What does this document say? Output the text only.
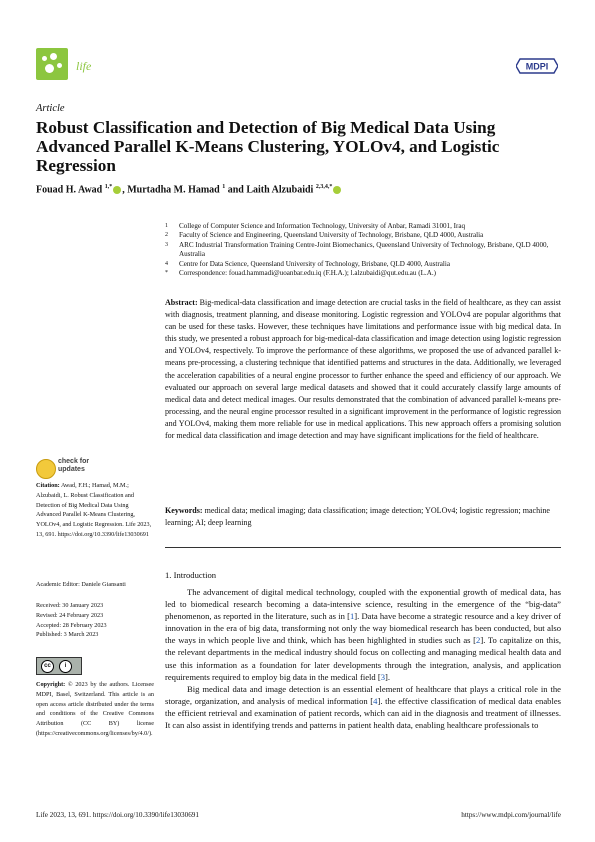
life	MDPI
Article
Robust Classification and Detection of Big Medical Data Using Advanced Parallel K-Means Clustering, YOLOv4, and Logistic Regression
Fouad H. Awad $^{1,*}$ , Murtadha M. Hamad $^1$ and Laith Alzubaidi $^{2,3,4,*}$
1	College of Computer Science and Information Technology, University of Anbar, Ramadi 31001, Iraq
2	Faculty of Science and Engineering, Queensland University of Technology, Brisbane, QLD 4000, Australia
3	ARC Industrial Transformation Training Centre-Joint Biomechanics, Queensland University of Technology, Brisbane, QLD 4000, Australia
4	Centre for Data Science, Queensland University of Technology, Brisbane, QLD 4000, Australia
*	Correspondence: fouad.hammadi@uoanbar.edu.iq (F.H.A.); l.alzubaidi@qut.edu.au (L.A.)
Abstract: Big-medical-data classification and image detection are crucial tasks in the field of healthcare, as they can assist with diagnosis, treatment planning, and disease monitoring. Logistic regression and YOLOv4 are popular algorithms that can be used for these tasks. However, these techniques have limitations and performance issue with big medical data. In this study, we presented a robust approach for big-medical-data classification and image detection using logistic regression and YOLOv4, respectively. To improve the performance of these algorithms, we proposed the use of advanced parallel k-means pre-processing, a clustering technique that identified patterns and structures in the data. Additionally, we leveraged the acceleration capabilities of a neural engine processor to further enhance the speed and efficiency of our approach. We evaluated our approach on several large medical datasets and showed that it could accurately classify large amounts of medical data and detect medical images. Our results demonstrated that the combination of advanced parallel k-means pre-processing, and the neural engine processor resulted in a significant improvement in the performance of logistic regression and YOLOv4, making them more reliable for use in medical applications. This new approach offers a promising solution for medical data classification and image detection and may have significant implications for the field of healthcare.
Keywords: medical data; medical imaging; data classification; image detection; YOLOv4; logistic regression; machine learning; AI; deep learning
1. Introduction

The advancement of digital medical technology, coupled with the exponential growth of medical data, has led to biomedical research becoming a data-intensive science, resulting in the emergence of the “big-data” phenomenon, as reported in the literature, such as in [1]. Data have become a strategic resource and a key driver of innovation in the era of big data, transforming not only the way biomedical research has been conducted, but also the ways in which people live and think, which has been highlighted in studies such as [2]. To capitalize on this, the relevant departments in the medical industry should focus on collecting and managing medical health data and use this information as a foundation for later developments through the integration, analysis, and application requirements required to employ big data in the medical field [3].

Big medical data and image detection is an essential element of healthcare that plays a critical role in the storage, organization, and analysis of medical information [4]. the effective classification of medical data enables the efficient retrieval and examination of patient records, which can aid in the diagnosis and treatment of illnesses. It can also assist in identifying trends and patterns in patient health data, enabling healthcare professionals to

check for
updates
Citation: Awad, F.H.; Hamad, M.M.; Alzubaidi, L. Robust Classification and Detection of Big Medical Data Using Advanced Parallel K-Means Clustering, YOLOv4, and Logistic Regression. Life 2023, 13, 691. https://doi.org/10.3390/life13030691
Academic Editor: Daniele Giansanti
Received: 30 January 2023
Revised: 24 February 2023
Accepted: 28 February 2023
Published: 3 March 2023
cc	i
Copyright: © 2023 by the authors. Licensee MDPI, Basel, Switzerland. This article is an open access article distributed under the terms and conditions of the Creative Commons Attribution (CC BY) license (https://creativecommons.org/licenses/by/4.0/).
Life 2023, 13, 691. https://doi.org/10.3390/life13030691	https://www.mdpi.com/journal/life
